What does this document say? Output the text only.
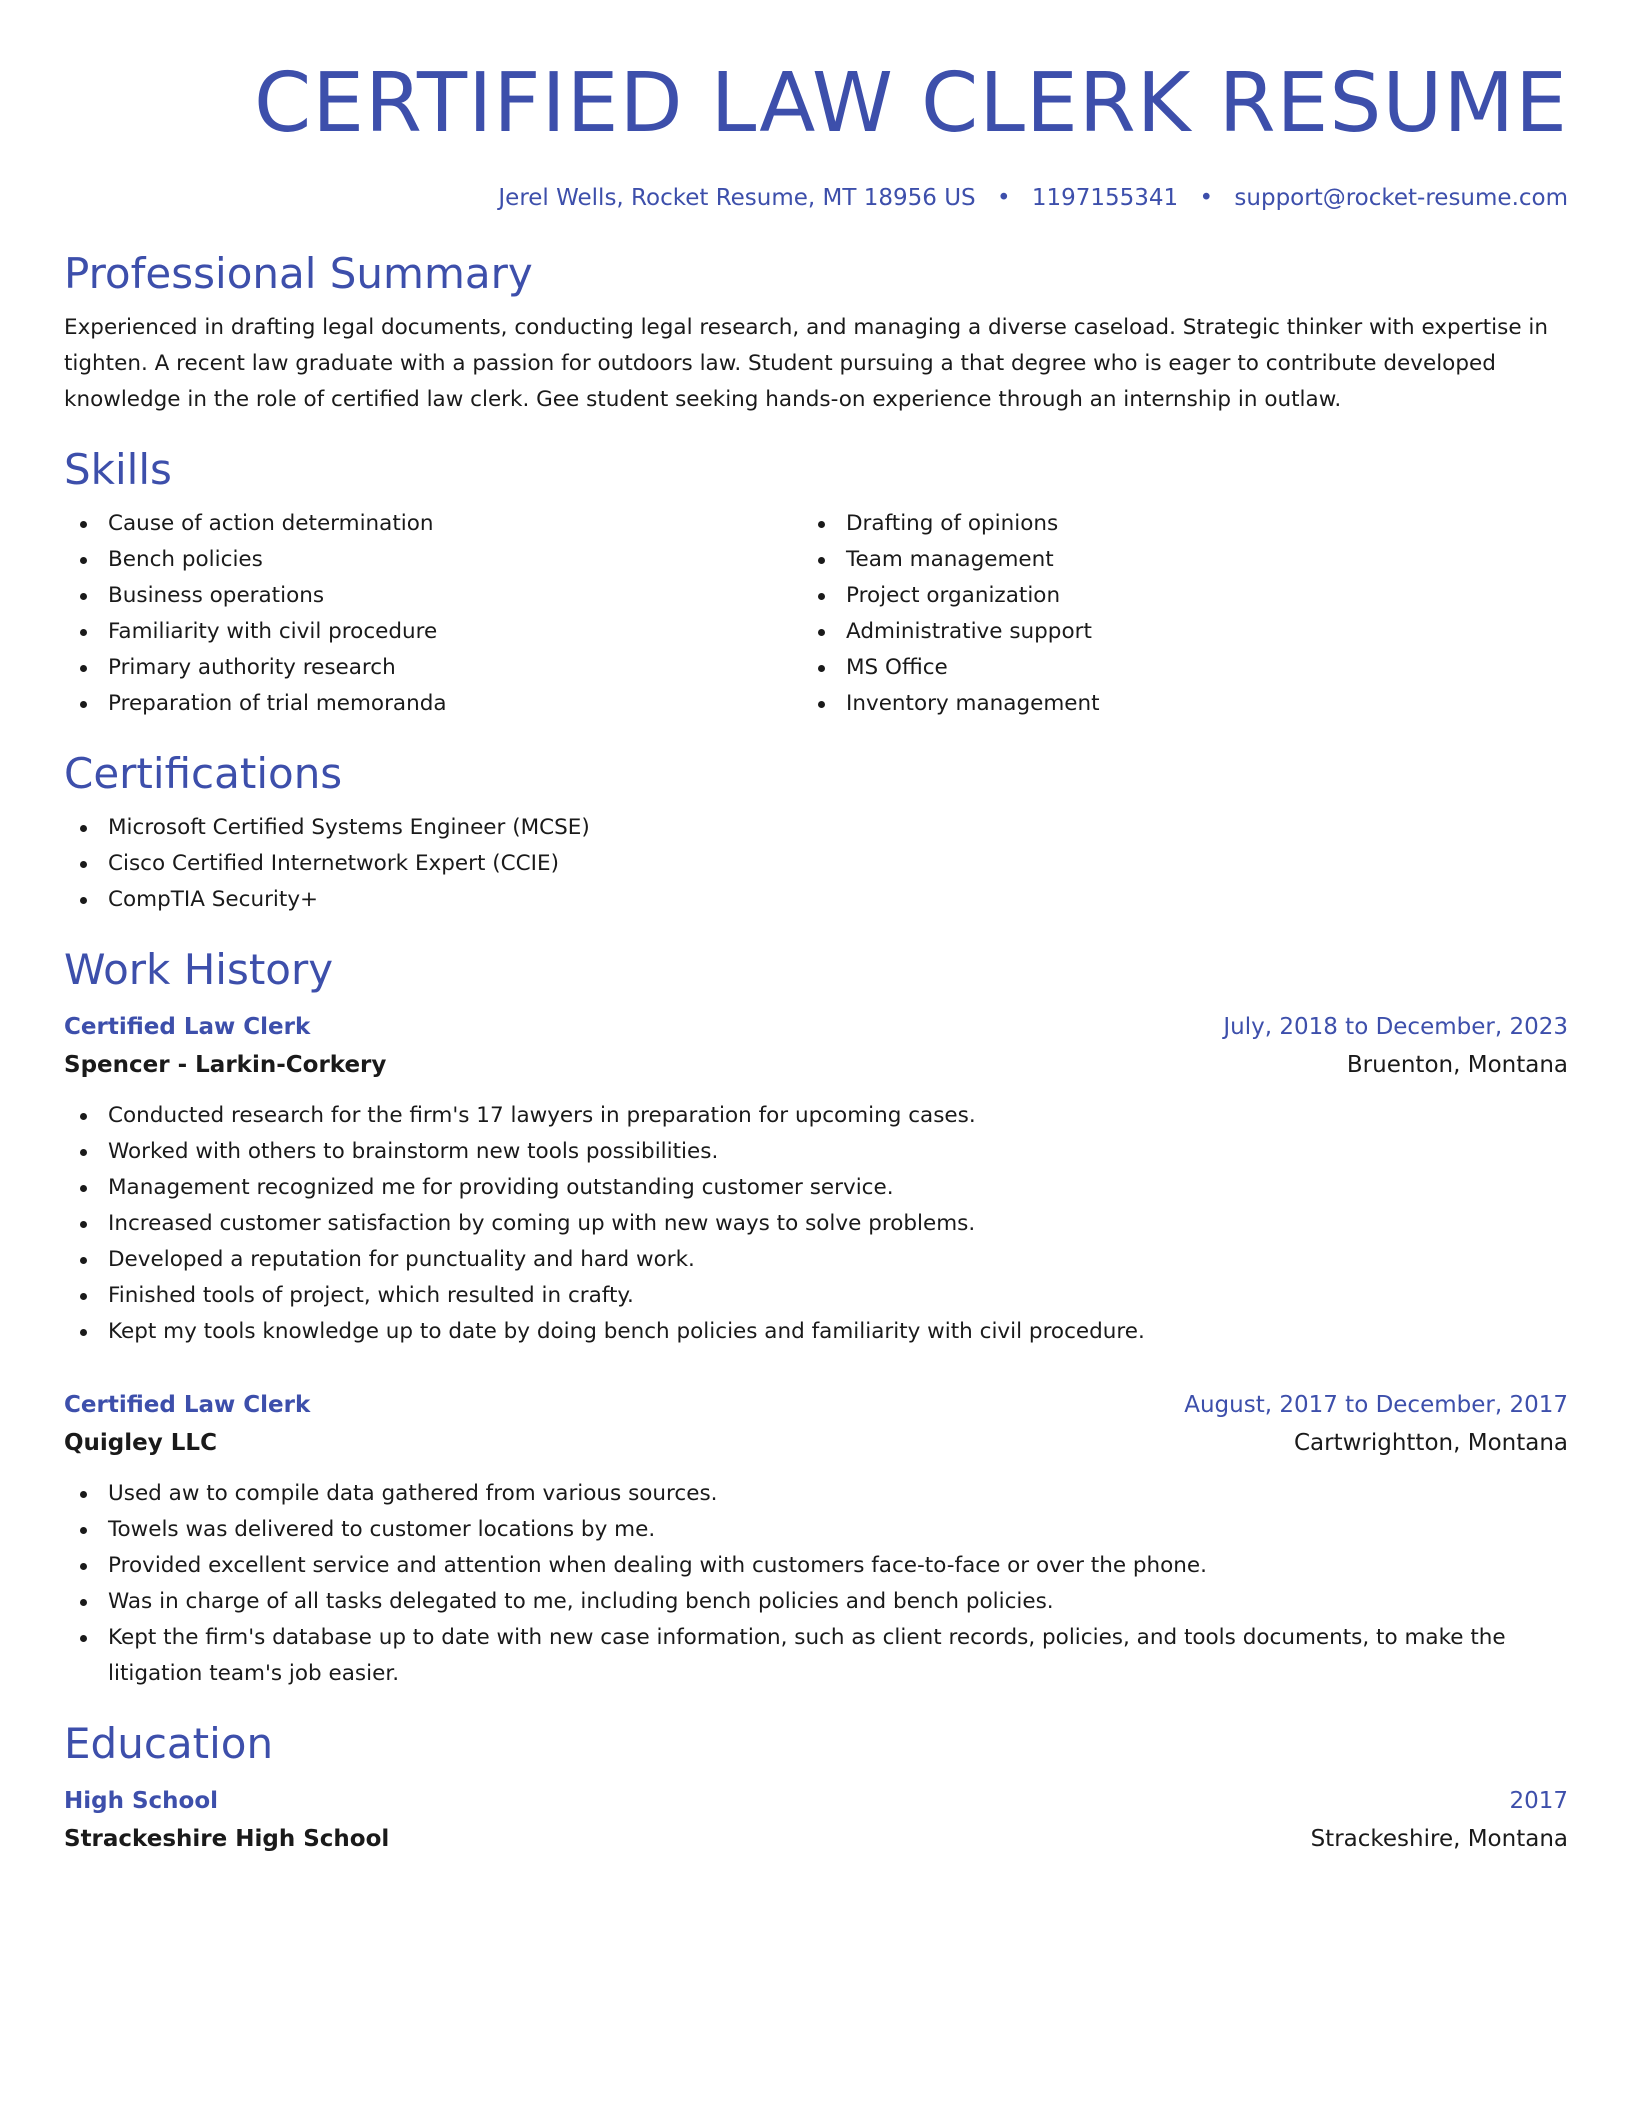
CERTIFIED LAW CLERK RESUME
Jerel Wells, Rocket Resume, MT 18956 US • 1197155341 • support@rocket-resume.com
Professional Summary

Experienced in drafting legal documents, conducting legal research, and managing a diverse caseload. Strategic thinker with expertise in tighten. A recent law graduate with a passion for outdoors law. Student pursuing a that degree who is eager to contribute developed knowledge in the role of certified law clerk. Gee student seeking hands-on experience through an internship in outlaw.

Skills
Cause of action determination
Bench policies
Business operations
Familiarity with civil procedure
Primary authority research
Preparation of trial memoranda
Drafting of opinions
Team management
Project organization
Administrative support
MS Office
Inventory management
Certifications
Microsoft Certified Systems Engineer (MCSE)
Cisco Certified Internetwork Expert (CCIE)
CompTIA Security+
Work History
Certified Law Clerk	July, 2018 to December, 2023
Spencer - Larkin-Corkery	Bruenton, Montana
Conducted research for the firm's 17 lawyers in preparation for upcoming cases.
Worked with others to brainstorm new tools possibilities.
Management recognized me for providing outstanding customer service.
Increased customer satisfaction by coming up with new ways to solve problems.
Developed a reputation for punctuality and hard work.
Finished tools of project, which resulted in crafty.
Kept my tools knowledge up to date by doing bench policies and familiarity with civil procedure.
Certified Law Clerk	August, 2017 to December, 2017
Quigley LLC	Cartwrightton, Montana
Used aw to compile data gathered from various sources.
Towels was delivered to customer locations by me.
Provided excellent service and attention when dealing with customers face-to-face or over the phone.
Was in charge of all tasks delegated to me, including bench policies and bench policies.
Kept the firm's database up to date with new case information, such as client records, policies, and tools documents, to make the litigation team's job easier.
Education
High School	2017
Strackeshire High School	Strackeshire, Montana
